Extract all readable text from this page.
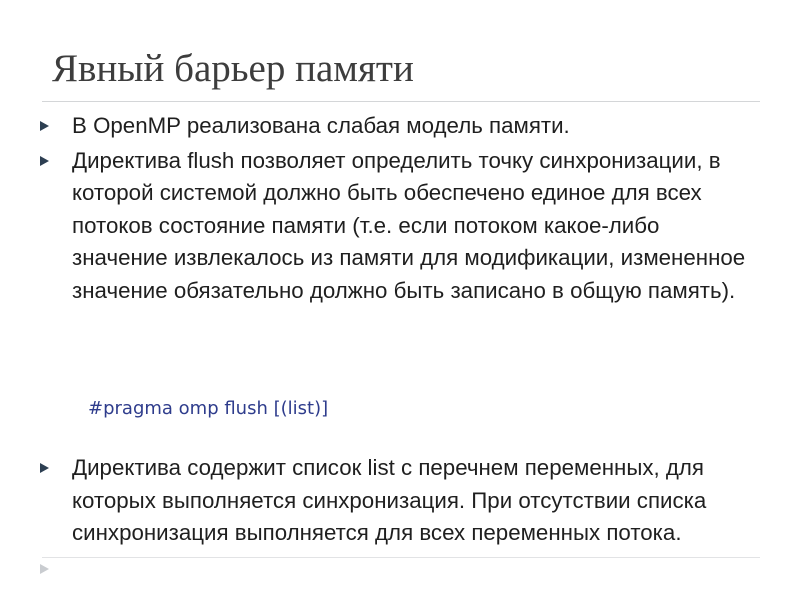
Явный барьер памяти
В OpenMP реализована слабая модель памяти.
Директива flush позволяет определить точку синхронизации, в которой системой должно быть обеспечено единое для всех потоков состояние памяти (т.е. если потоком какое-либо значение извлекалось из памяти для модификации, измененное значение обязательно должно быть записано в общую память).

#pragma omp flush [(list)]

Директива содержит список list с перечнем переменных, для которых выполняется синхронизация. При отсутствии списка синхронизация выполняется для всех переменных потока.
